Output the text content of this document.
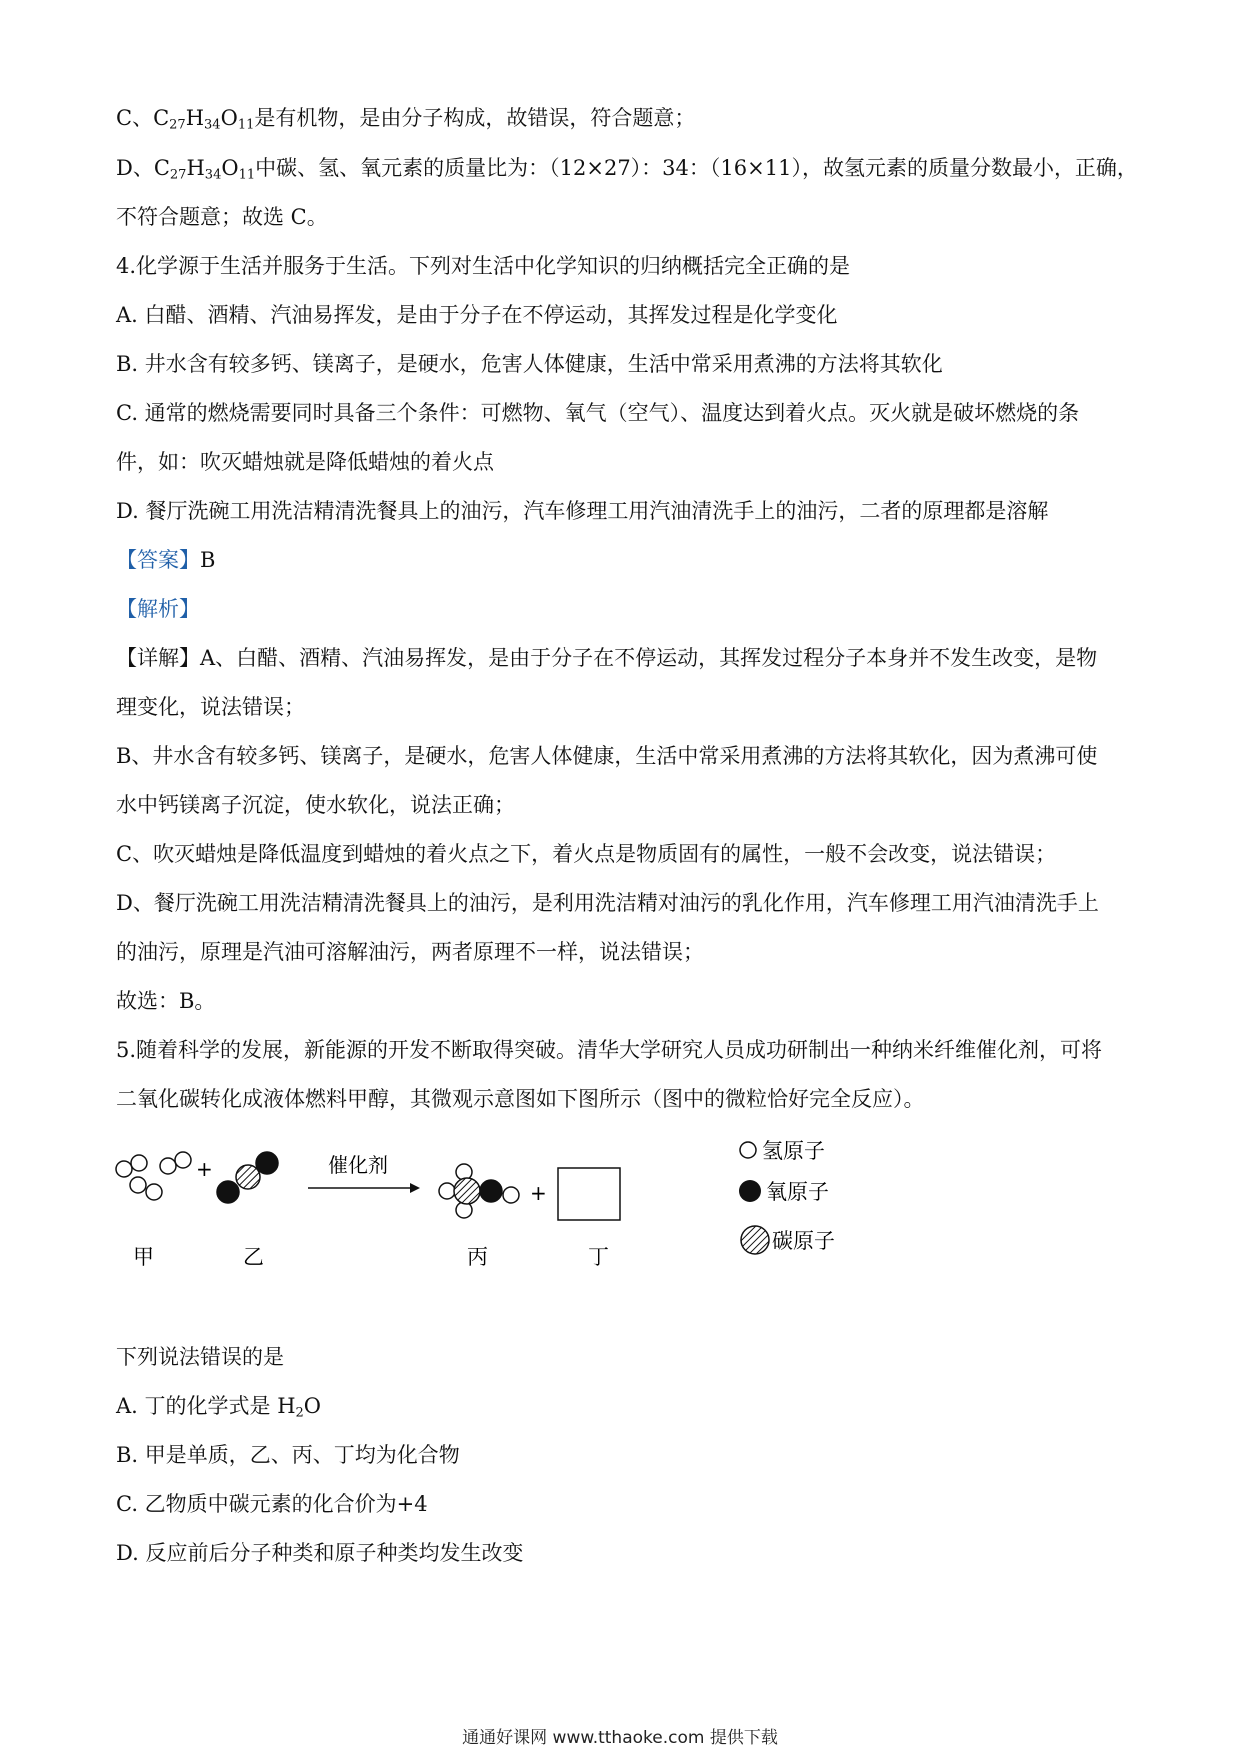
C、$C_{27}H_{34}O_{11}$是有机物，是由分子构成，故错误，符合题意；
D、$C_{27}H_{34}O_{11}$中碳、氢、氧元素的质量比为：（12×27）：34：（16×11），故氢元素的质量分数最小，正确，
不符合题意；故选 C。
4.化学源于生活并服务于生活。下列对生活中化学知识的归纳概括完全正确的是
A. 白醋、酒精、汽油易挥发，是由于分子在不停运动，其挥发过程是化学变化
B. 井水含有较多钙、镁离子，是硬水，危害人体健康，生活中常采用煮沸的方法将其软化
C. 通常的燃烧需要同时具备三个条件：可燃物、氧气（空气）、温度达到着火点。灭火就是破坏燃烧的条
件，如：吹灭蜡烛就是降低蜡烛的着火点
D. 餐厅洗碗工用洗洁精清洗餐具上的油污，汽车修理工用汽油清洗手上的油污，二者的原理都是溶解
【答案】B
【解析】
【详解】A、白醋、酒精、汽油易挥发，是由于分子在不停运动，其挥发过程分子本身并不发生改变，是物
理变化，说法错误；
B、井水含有较多钙、镁离子，是硬水，危害人体健康，生活中常采用煮沸的方法将其软化，因为煮沸可使
水中钙镁离子沉淀，使水软化，说法正确；
C、吹灭蜡烛是降低温度到蜡烛的着火点之下，着火点是物质固有的属性，一般不会改变，说法错误；
D、餐厅洗碗工用洗洁精清洗餐具上的油污，是利用洗洁精对油污的乳化作用，汽车修理工用汽油清洗手上
的油污，原理是汽油可溶解油污，两者原理不一样，说法错误；
故选：B。
5.随着科学的发展，新能源的开发不断取得突破。清华大学研究人员成功研制出一种纳米纤维催化剂，可将
二氧化碳转化成液体燃料甲醇，其微观示意图如下图所示（图中的微粒恰好完全反应）。
+	催化剂
+
甲	乙	丙	丁
氢原子
氧原子
碳原子
下列说法错误的是
A. 丁的化学式是 $H_2O$
B. 甲是单质，乙、丙、丁均为化合物
C. 乙物质中碳元素的化合价为+4
D. 反应前后分子种类和原子种类均发生改变
通通好课网 www.tthaoke.com 提供下载
